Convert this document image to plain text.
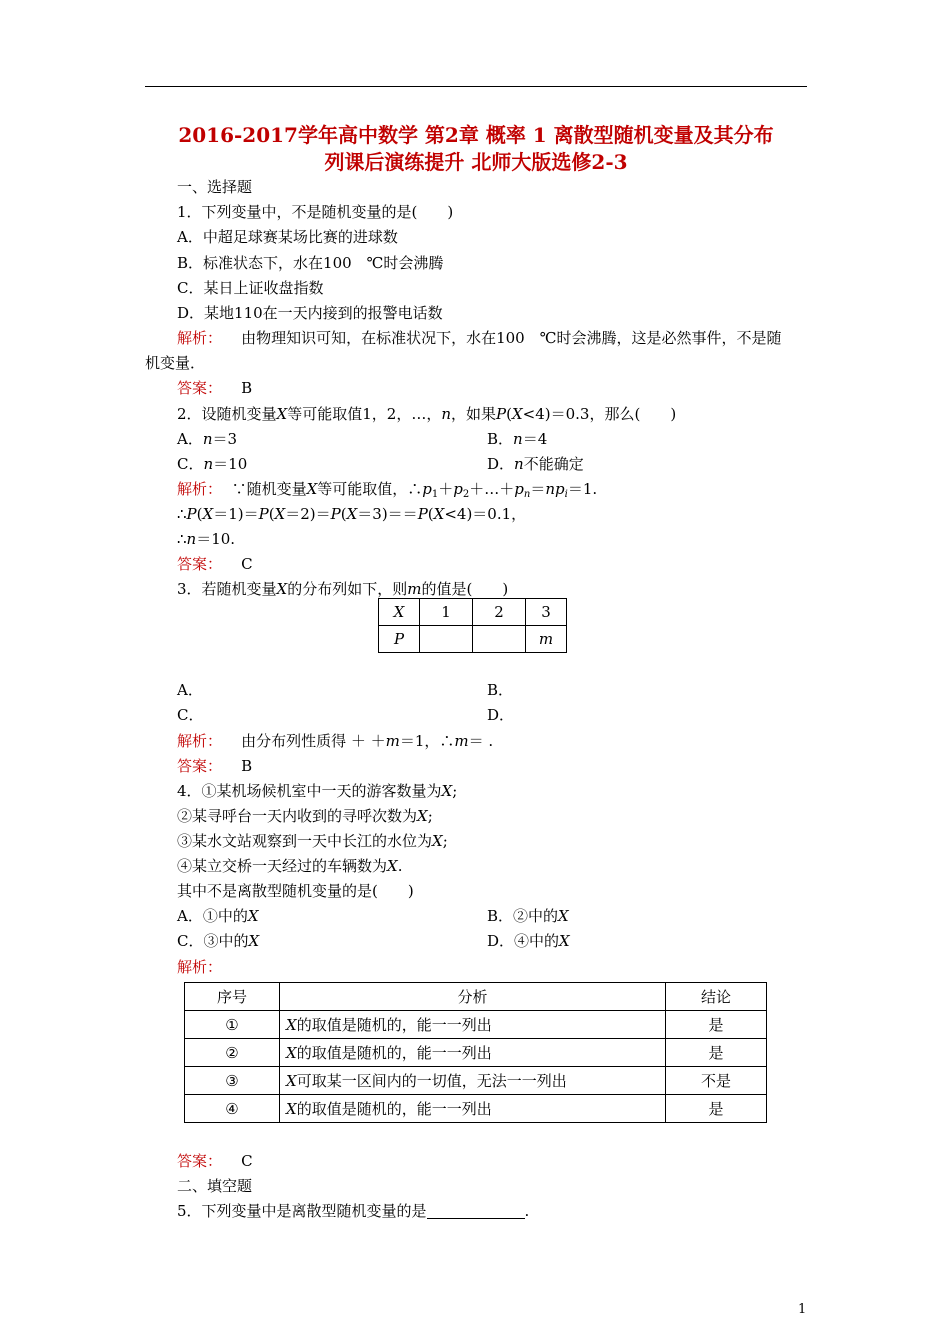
2016-2017学年高中数学 第2章 概率 1 离散型随机变量及其分布
列课后演练提升 北师大版选修2-3
一、选择题
1．下列变量中，不是随机变量的是(　　)
A．中超足球赛某场比赛的进球数
B．标准状态下，水在100　℃时会沸腾
C．某日上证收盘指数
D．某地110在一天内接到的报警电话数
解析： 由物理知识可知，在标准状况下，水在100　℃时会沸腾，这是必然事件，不是随
机变量．
答案： B
2．设随机变量X等可能取值1，2，…，n，如果P(X<4)＝0.3，那么(　　)
A．n＝3	B．n＝4
C．n＝10	D．n不能确定
解析： ∵随机变量X等可能取值，$\therefore p_1+p_2+\dots+p_n=np_i=1$.
∴P(X＝1)＝P(X＝2)＝P(X＝3)＝＝P(X<4)＝0.1，
∴n＝10.
答案： C
3．若随机变量X的分布列如下，则m的值是(　　)
X	1	2	3
P			m
A．	B．
C．	D．
解析： 由分布列性质得 ＋ ＋m＝1，∴m＝ .
答案： B
4．①某机场候机室中一天的游客数量为X;
②某寻呼台一天内收到的寻呼次数为X;
③某水文站观察到一天中长江的水位为X;
④某立交桥一天经过的车辆数为X.
其中不是离散型随机变量的是(　　)
A．①中的X	B．②中的X
C．③中的X	D．④中的X
解析：
序号	分析	结论
①	X的取值是随机的，能一一列出	是
②	X的取值是随机的，能一一列出	是
③	X可取某一区间内的一切值，无法一一列出	不是
④	X的取值是随机的，能一一列出	是
答案： C
二、填空题
5．下列变量中是离散型随机变量的是	.
1
